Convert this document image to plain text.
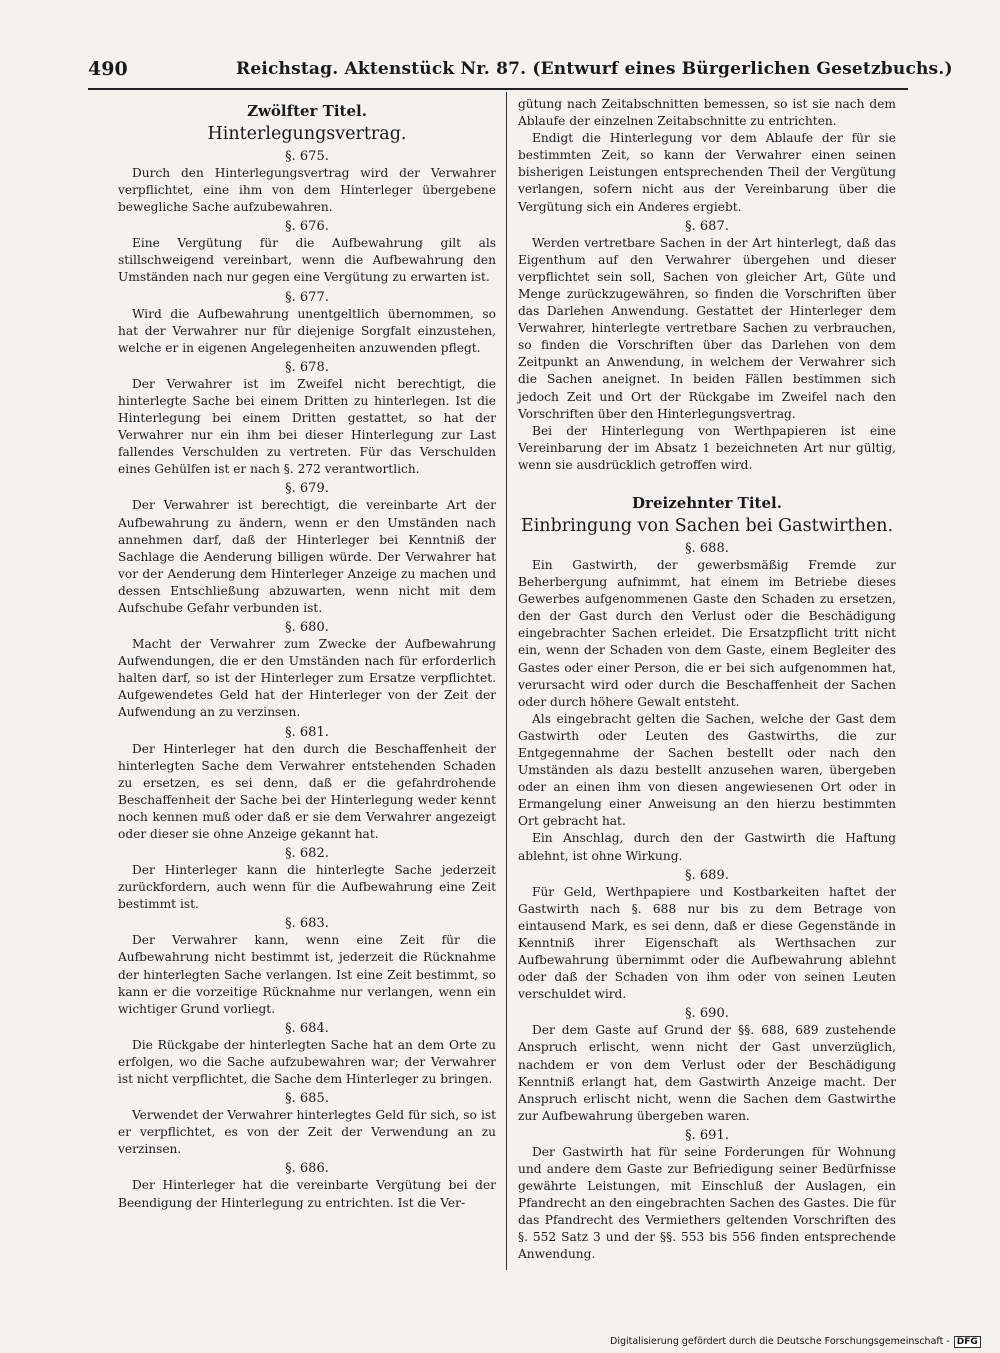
490	Reichstag. Aktenstück Nr. 87. (Entwurf eines Bürgerlichen Gesetzbuchs.)
Zwölfter Titel.
Hinterlegungsvertrag.

§. 675.

Durch den Hinterlegungsvertrag wird der Verwahrer verpflichtet, eine ihm von dem Hinterleger übergebene bewegliche Sache aufzubewahren.

§. 676.

Eine Vergütung für die Aufbewahrung gilt als stillschweigend vereinbart, wenn die Aufbewahrung den Umständen nach nur gegen eine Vergütung zu erwarten ist.

§. 677.

Wird die Aufbewahrung unentgeltlich übernommen, so hat der Verwahrer nur für diejenige Sorgfalt einzustehen, welche er in eigenen Angelegenheiten anzuwenden pflegt.

§. 678.

Der Verwahrer ist im Zweifel nicht berechtigt, die hinterlegte Sache bei einem Dritten zu hinterlegen. Ist die Hinterlegung bei einem Dritten gestattet, so hat der Verwahrer nur ein ihm bei dieser Hinterlegung zur Last fallendes Verschulden zu vertreten. Für das Verschulden eines Gehülfen ist er nach §. 272 verantwortlich.

§. 679.

Der Verwahrer ist berechtigt, die vereinbarte Art der Aufbewahrung zu ändern, wenn er den Umständen nach annehmen darf, daß der Hinterleger bei Kenntniß der Sachlage die Aenderung billigen würde. Der Verwahrer hat vor der Aenderung dem Hinterleger Anzeige zu machen und dessen Entschließung abzuwarten, wenn nicht mit dem Aufschube Gefahr verbunden ist.

§. 680.

Macht der Verwahrer zum Zwecke der Aufbewahrung Aufwendungen, die er den Umständen nach für erforderlich halten darf, so ist der Hinterleger zum Ersatze verpflichtet. Aufgewendetes Geld hat der Hinterleger von der Zeit der Aufwendung an zu verzinsen.

§. 681.

Der Hinterleger hat den durch die Beschaffenheit der hinterlegten Sache dem Verwahrer entstehenden Schaden zu ersetzen, es sei denn, daß er die gefahrdrohende Beschaffenheit der Sache bei der Hinterlegung weder kennt noch kennen muß oder daß er sie dem Verwahrer angezeigt oder dieser sie ohne Anzeige gekannt hat.

§. 682.

Der Hinterleger kann die hinterlegte Sache jederzeit zurückfordern, auch wenn für die Aufbewahrung eine Zeit bestimmt ist.

§. 683.

Der Verwahrer kann, wenn eine Zeit für die Aufbewahrung nicht bestimmt ist, jederzeit die Rücknahme der hinterlegten Sache verlangen. Ist eine Zeit bestimmt, so kann er die vorzeitige Rücknahme nur verlangen, wenn ein wichtiger Grund vorliegt.

§. 684.

Die Rückgabe der hinterlegten Sache hat an dem Orte zu erfolgen, wo die Sache aufzubewahren war; der Verwahrer ist nicht verpflichtet, die Sache dem Hinterleger zu bringen.

§. 685.

Verwendet der Verwahrer hinterlegtes Geld für sich, so ist er verpflichtet, es von der Zeit der Verwendung an zu verzinsen.

§. 686.

Der Hinterleger hat die vereinbarte Vergütung bei der Beendigung der Hinterlegung zu entrichten. Ist die Ver-

gütung nach Zeitabschnitten bemessen, so ist sie nach dem Ablaufe der einzelnen Zeitabschnitte zu entrichten.

Endigt die Hinterlegung vor dem Ablaufe der für sie bestimmten Zeit, so kann der Verwahrer einen seinen bisherigen Leistungen entsprechenden Theil der Vergütung verlangen, sofern nicht aus der Vereinbarung über die Vergütung sich ein Anderes ergiebt.

§. 687.

Werden vertretbare Sachen in der Art hinterlegt, daß das Eigenthum auf den Verwahrer übergehen und dieser verpflichtet sein soll, Sachen von gleicher Art, Güte und Menge zurückzugewähren, so finden die Vorschriften über das Darlehen Anwendung. Gestattet der Hinterleger dem Verwahrer, hinterlegte vertretbare Sachen zu verbrauchen, so finden die Vorschriften über das Darlehen von dem Zeitpunkt an Anwendung, in welchem der Verwahrer sich die Sachen aneignet. In beiden Fällen bestimmen sich jedoch Zeit und Ort der Rückgabe im Zweifel nach den Vorschriften über den Hinterlegungsvertrag.

Bei der Hinterlegung von Werthpapieren ist eine Vereinbarung der im Absatz 1 bezeichneten Art nur gültig, wenn sie ausdrücklich getroffen wird.

Dreizehnter Titel.
Einbringung von Sachen bei Gastwirthen.

§. 688.

Ein Gastwirth, der gewerbsmäßig Fremde zur Beherbergung aufnimmt, hat einem im Betriebe dieses Gewerbes aufgenommenen Gaste den Schaden zu ersetzen, den der Gast durch den Verlust oder die Beschädigung eingebrachter Sachen erleidet. Die Ersatzpflicht tritt nicht ein, wenn der Schaden von dem Gaste, einem Begleiter des Gastes oder einer Person, die er bei sich aufgenommen hat, verursacht wird oder durch die Beschaffenheit der Sachen oder durch höhere Gewalt entsteht.

Als eingebracht gelten die Sachen, welche der Gast dem Gastwirth oder Leuten des Gastwirths, die zur Entgegennahme der Sachen bestellt oder nach den Umständen als dazu bestellt anzusehen waren, übergeben oder an einen ihm von diesen angewiesenen Ort oder in Ermangelung einer Anweisung an den hierzu bestimmten Ort gebracht hat.

Ein Anschlag, durch den der Gastwirth die Haftung ablehnt, ist ohne Wirkung.

§. 689.

Für Geld, Werthpapiere und Kostbarkeiten haftet der Gastwirth nach §. 688 nur bis zu dem Betrage von eintausend Mark, es sei denn, daß er diese Gegenstände in Kenntniß ihrer Eigenschaft als Werthsachen zur Aufbewahrung übernimmt oder die Aufbewahrung ablehnt oder daß der Schaden von ihm oder von seinen Leuten verschuldet wird.

§. 690.

Der dem Gaste auf Grund der §§. 688, 689 zustehende Anspruch erlischt, wenn nicht der Gast unverzüglich, nachdem er von dem Verlust oder der Beschädigung Kenntniß erlangt hat, dem Gastwirth Anzeige macht. Der Anspruch erlischt nicht, wenn die Sachen dem Gastwirthe zur Aufbewahrung übergeben waren.

§. 691.

Der Gastwirth hat für seine Forderungen für Wohnung und andere dem Gaste zur Befriedigung seiner Bedürfnisse gewährte Leistungen, mit Einschluß der Auslagen, ein Pfandrecht an den eingebrachten Sachen des Gastes. Die für das Pfandrecht des Vermiethers geltenden Vorschriften des §. 552 Satz 3 und der §§. 553 bis 556 finden entsprechende Anwendung.

Digitalisierung gefördert durch die Deutsche Forschungsgemeinschaft - DFG
